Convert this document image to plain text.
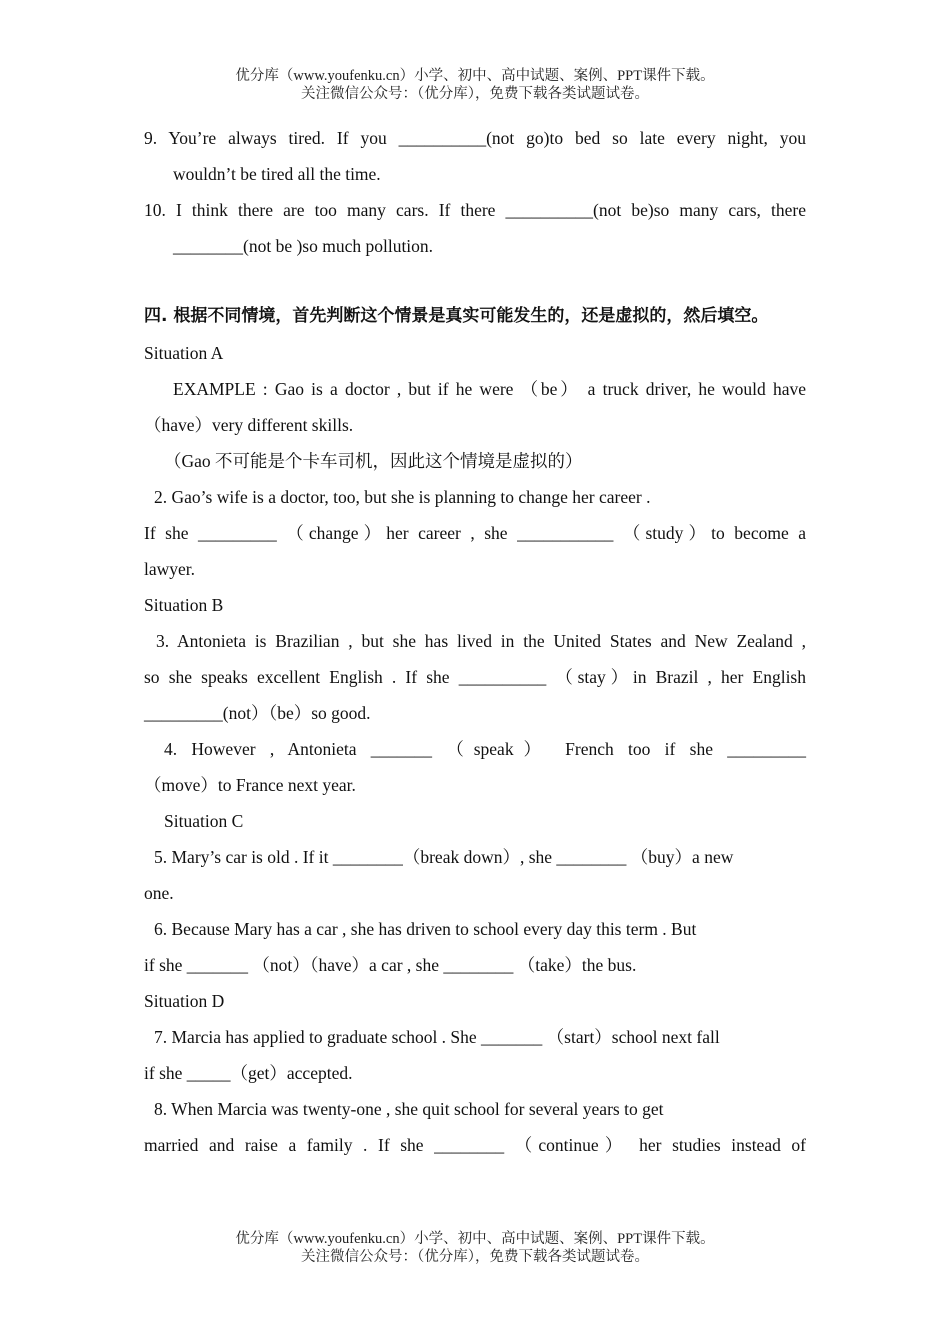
优分库（www.youfenku.cn）小学、初中、高中试题、案例、PPT课件下载。
关注微信公众号：（优分库），免费下载各类试题试卷。

9. You’re always tired. If you __________(not go)to bed so late every night, you

wouldn’t be tired all the time.

10. I think there are too many cars. If there __________(not be)so many cars, there

________(not be )so much pollution.

四. 根据不同情境，首先判断这个情景是真实可能发生的，还是虚拟的，然后填空。

Situation A

EXAMPLE : Gao is a doctor , but if he were （be） a truck driver, he would have（have）very different skills.

（Gao 不可能是个卡车司机，因此这个情境是虚拟的）

2. Gao’s wife is a doctor, too, but she is planning to change her career .

If she _________ （change）her career , she ___________ （study）to become a

lawyer.

Situation B

3. Antonieta is Brazilian , but she has lived in the United States and New Zealand ,

so she speaks excellent English . If she __________ （stay）in Brazil , her English

_________(not）（be）so good.

4. However , Antonieta _______ （speak） French too if she _________

（move）to France next year.

Situation C

5. Mary’s car is old . If it ________（break down）, she ________ （buy）a new

one.

6. Because Mary has a car , she has driven to school every day this term . But

if she _______ （not）（have）a car , she ________ （take）the bus.

Situation D

7. Marcia has applied to graduate school . She _______ （start）school next fall

if she _____（get）accepted.

8. When Marcia was twenty-one , she quit school for several years to get

married and raise a family . If she ________ （continue） her studies instead of

优分库（www.youfenku.cn）小学、初中、高中试题、案例、PPT课件下载。
关注微信公众号：（优分库），免费下载各类试题试卷。
